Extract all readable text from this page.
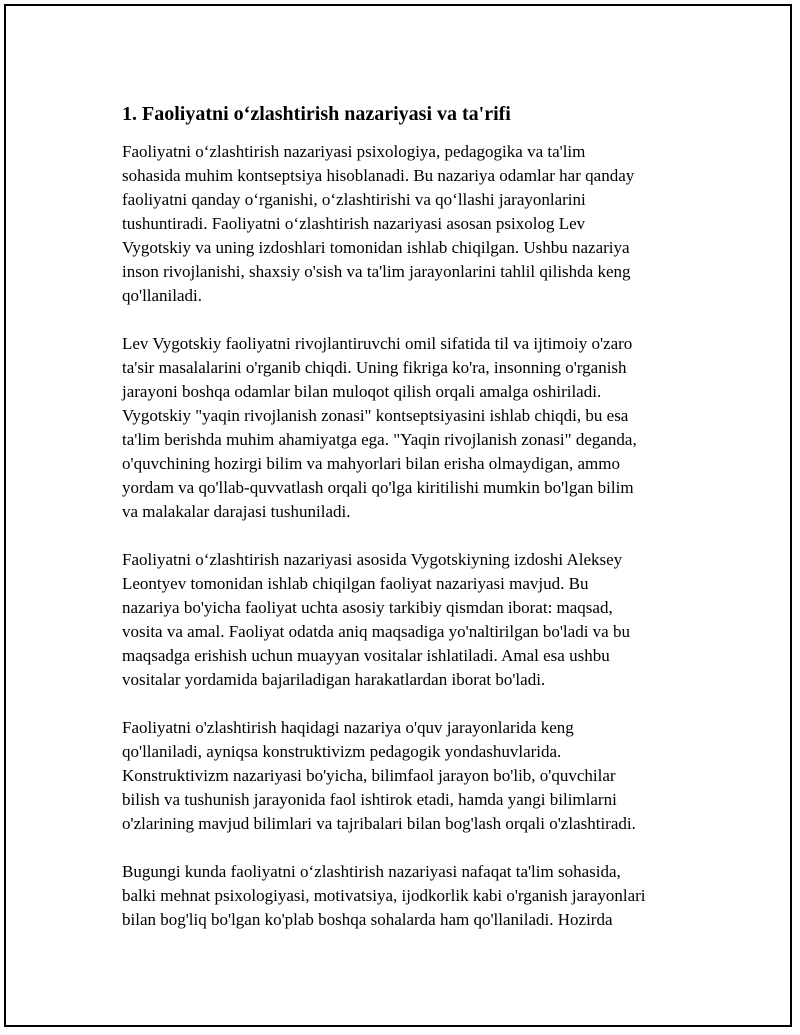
1. Faoliyatni oʻzlashtirish nazariyasi va ta'rifi
Faoliyatni oʻzlashtirish nazariyasi psixologiya, pedagogika va ta'lim
sohasida muhim kontseptsiya hisoblanadi. Bu nazariya odamlar har qanday
faoliyatni qanday oʻrganishi, oʻzlashtirishi va qoʻllashi jarayonlarini
tushuntiradi. Faoliyatni oʻzlashtirish nazariyasi asosan psixolog Lev
Vygotskiy va uning izdoshlari tomonidan ishlab chiqilgan. Ushbu nazariya
inson rivojlanishi, shaxsiy o'sish va ta'lim jarayonlarini tahlil qilishda keng
qo'llaniladi.
Lev Vygotskiy faoliyatni rivojlantiruvchi omil sifatida til va ijtimoiy o'zaro
ta'sir masalalarini o'rganib chiqdi. Uning fikriga ko'ra, insonning o'rganish
jarayoni boshqa odamlar bilan muloqot qilish orqali amalga oshiriladi.
Vygotskiy "yaqin rivojlanish zonasi" kontseptsiyasini ishlab chiqdi, bu esa
ta'lim berishda muhim ahamiyatga ega. "Yaqin rivojlanish zonasi" deganda,
o'quvchining hozirgi bilim va mahyorlari bilan erisha olmaydigan, ammo
yordam va qo'llab-quvvatlash orqali qo'lga kiritilishi mumkin bo'lgan bilim
va malakalar darajasi tushuniladi.
Faoliyatni oʻzlashtirish nazariyasi asosida Vygotskiyning izdoshi Aleksey
Leontyev tomonidan ishlab chiqilgan faoliyat nazariyasi mavjud. Bu
nazariya bo'yicha faoliyat uchta asosiy tarkibiy qismdan iborat: maqsad,
vosita va amal. Faoliyat odatda aniq maqsadiga yo'naltirilgan bo'ladi va bu
maqsadga erishish uchun muayyan vositalar ishlatiladi. Amal esa ushbu
vositalar yordamida bajariladigan harakatlardan iborat bo'ladi.
Faoliyatni o'zlashtirish haqidagi nazariya o'quv jarayonlarida keng
qo'llaniladi, ayniqsa konstruktivizm pedagogik yondashuvlarida.
Konstruktivizm nazariyasi bo'yicha, bilimfaol jarayon bo'lib, o'quvchilar
bilish va tushunish jarayonida faol ishtirok etadi, hamda yangi bilimlarni
o'zlarining mavjud bilimlari va tajribalari bilan bog'lash orqali o'zlashtiradi.
Bugungi kunda faoliyatni oʻzlashtirish nazariyasi nafaqat ta'lim sohasida,
balki mehnat psixologiyasi, motivatsiya, ijodkorlik kabi o'rganish jarayonlari
bilan bog'liq bo'lgan ko'plab boshqa sohalarda ham qo'llaniladi. Hozirda
